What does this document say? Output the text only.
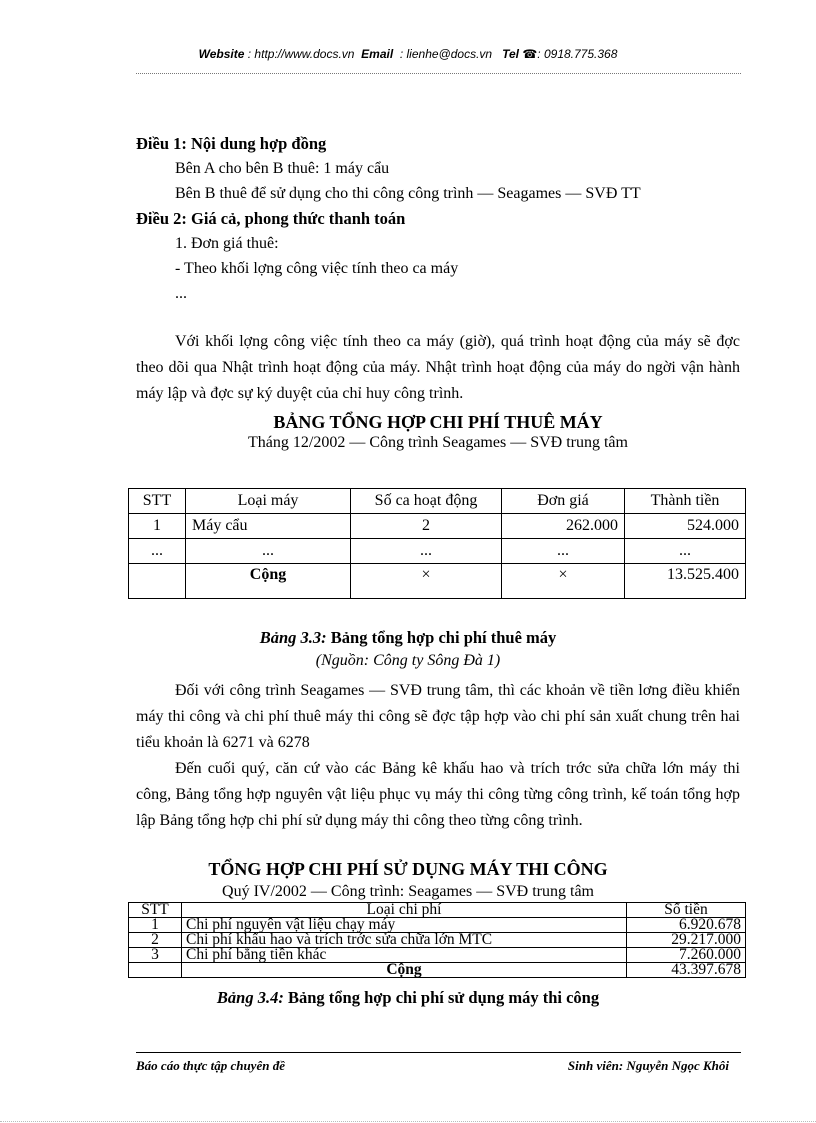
Website : http://www.docs.vn Email : lienhe@docs.vn Tel ☎: 0918.775.368

Điều 1: Nội dung hợp đồng

Bên A cho bên B thuê: 1 máy cẩu

Bên B thuê để sử dụng cho thi công công trình — Seagames — SVĐ TT

Điều 2: Giá cả, phong thức thanh toán

1. Đơn giá thuê:

- Theo khối lợng công việc tính theo ca máy

...

Với khối lợng công việc tính theo ca máy (giờ), quá trình hoạt động của máy sẽ đợc theo dõi qua Nhật trình hoạt động của máy. Nhật trình hoạt động của máy do ngời vận hành máy lập và đợc sự ký duyệt của chỉ huy công trình.

BẢNG TỔNG HỢP CHI PHÍ THUÊ MÁY

Tháng 12/2002 — Công trình Seagames — SVĐ trung tâm

STT	Loại máy	Số ca hoạt động	Đơn giá	Thành tiền
1	Máy cẩu	2	262.000	524.000
...	...	...	...	...
	Cộng	×	×	13.525.400
Bảng 3.3: Bảng tổng hợp chi phí thuê máy
(Nguồn: Công ty Sông Đà 1)

Đối với công trình Seagames — SVĐ trung tâm, thì các khoản về tiền lơng điều khiển máy thi công và chi phí thuê máy thi công sẽ đợc tập hợp vào chi phí sản xuất chung trên hai tiểu khoản là 6271 và 6278

Đến cuối quý, căn cứ vào các Bảng kê khấu hao và trích trớc sửa chữa lớn máy thi công, Bảng tổng hợp nguyên vật liệu phục vụ máy thi công từng công trình, kế toán tổng hợp lập Bảng tổng hợp chi phí sử dụng máy thi công theo từng công trình.

TỔNG HỢP CHI PHÍ SỬ DỤNG MÁY THI CÔNG
Quý IV/2002 — Công trình: Seagames — SVĐ trung tâm
STT	Loại chi phí	Số tiền
1	Chi phí nguyên vật liệu chạy máy	6.920.678
2	Chi phí khấu hao và trích trớc sửa chữa lớn MTC	29.217.000
3	Chi phí bằng tiền khác	7.260.000
	Cộng	43.397.678
Bảng 3.4: Bảng tổng hợp chi phí sử dụng máy thi công
Báo cáo thực tập chuyên đề	Sinh viên: Nguyễn Ngọc Khôi
